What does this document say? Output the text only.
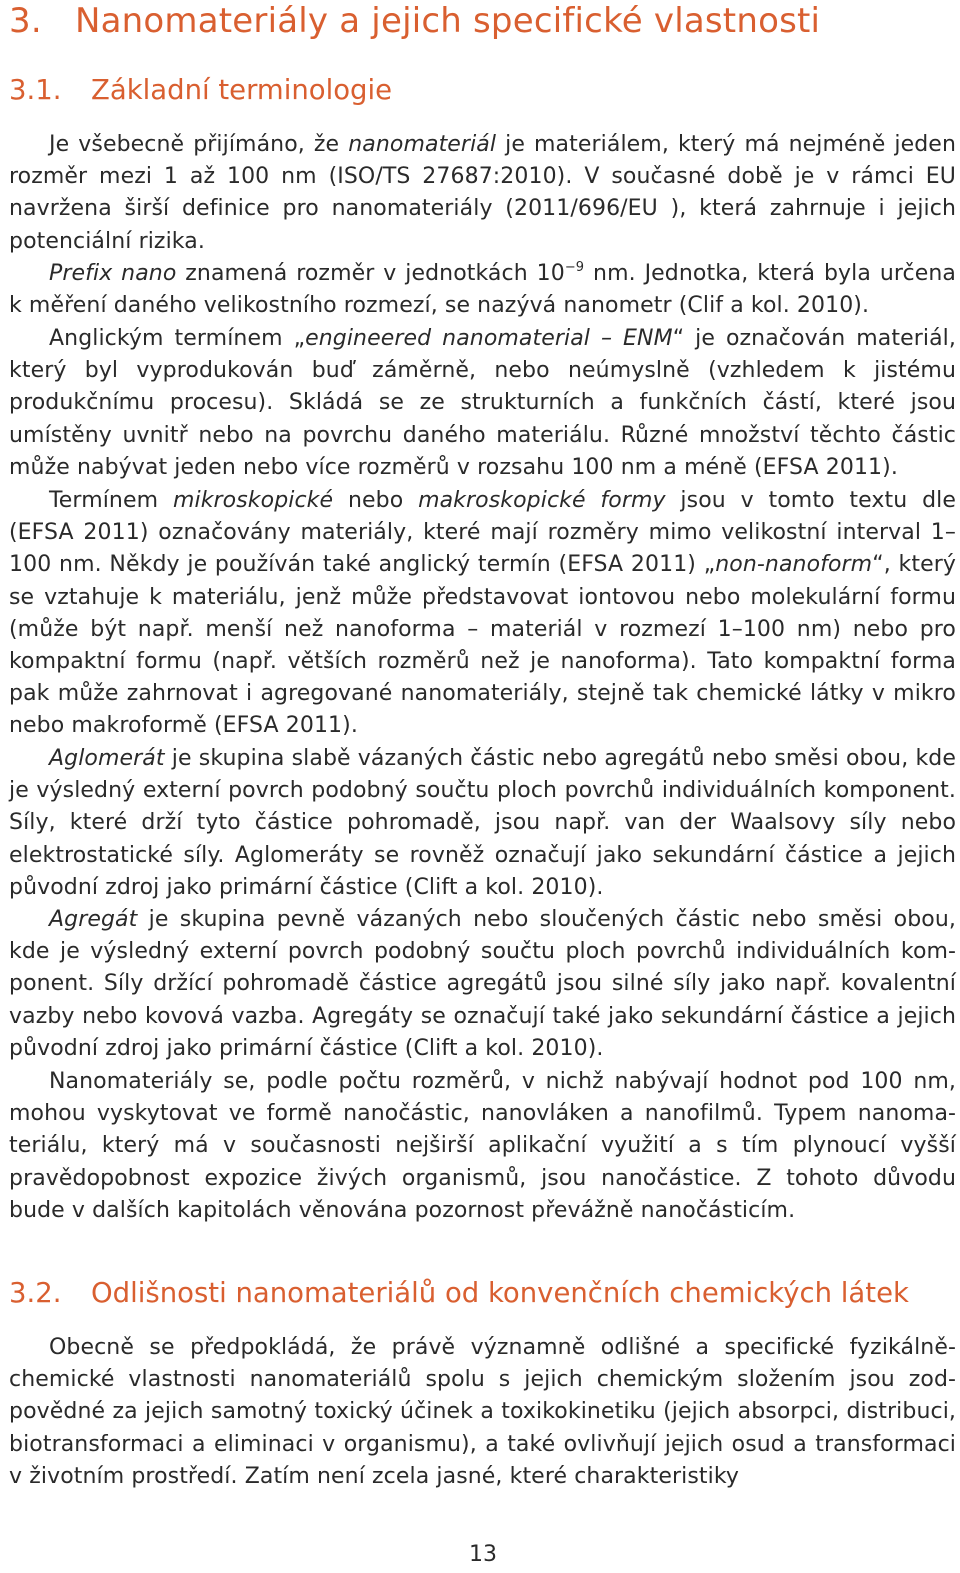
3. Nanomateriály a jejich specifické vlastnosti
3.1. Základní terminologie

Je všebecně přijímáno, že nanomateriál je materiálem, který má nejméně jeden rozměr mezi 1 až 100 nm (ISO/TS 27687:2010). V současné době je v rámci EU navržena širší definice pro nanomateriály (2011/696/EU ), která zahrnuje i jejich potenciální rizika.

Prefix nano znamená rozměr v jednotkách $10^{-9}$ nm. Jednotka, která byla určena k měření daného velikostního rozmezí, se nazývá nanometr (Clif a kol. 2010).

Anglickým termínem „engineered nanomaterial – ENM“ je označován materiál, který byl vyprodukován buď záměrně, nebo neúmyslně (vzhledem k jistému produkčnímu procesu). Skládá se ze strukturních a funkčních částí, které jsou umístěny uvnitř nebo na povrchu daného materiálu. Různé množství těchto částic může nabývat jeden nebo více rozměrů v rozsahu 100 nm a méně (EFSA 2011).

Termínem mikroskopické nebo makroskopické formy jsou v tomto textu dle (EFSA 2011) označovány materiály, které mají rozměry mimo velikostní interval 1–100 nm. Někdy je používán také anglický termín (EFSA 2011) „non-nanoform“, který se vztahuje k materiálu, jenž může představovat iontovou nebo molekulární formu (může být např. menší než nanoforma – materiál v rozmezí 1–100 nm) nebo pro kompaktní formu (např. větších rozměrů než je nanoforma). Tato kompaktní forma pak může zahrnovat i agregované nanomateriály, stejně tak chemické látky v mikro nebo makroformě (EFSA 2011).

Aglomerát je skupina slabě vázaných částic nebo agregátů nebo směsi obou, kde je výsledný externí povrch podobný součtu ploch povrchů individuálních komponent. Síly, které drží tyto částice pohromadě, jsou např. van der Waalsovy síly nebo elektrostatické síly. Aglomeráty se rovněž označují jako sekundární částice a jejich původní zdroj jako primární částice (Clift a kol. 2010).

Agregát je skupina pevně vázaných nebo sloučených částic nebo směsi obou, kde je výsledný externí povrch podobný součtu ploch povrchů individuálních komponent. Síly držící pohromadě částice agregátů jsou silné síly jako např. kovalentní vazby nebo kovová vazba. Agregáty se označují také jako sekundární částice a jejich původní zdroj jako primární částice (Clift a kol. 2010).

Nanomateriály se, podle počtu rozměrů, v nichž nabývají hodnot pod 100 nm, mohou vyskytovat ve formě nanočástic, nanovláken a nanofilmů. Typem nanomateriálu, který má v současnosti nejširší aplikační využití a s tím plynoucí vyšší pravědopobnost expozice živých organismů, jsou nanočástice. Z tohoto důvodu bude v dalších kapitolách věnována pozornost převážně nanočásticím.

3.2. Odlišnosti nanomateriálů od konvenčních chemických látek

Obecně se předpokládá, že právě významně odlišné a specifické fyzikálně-chemické vlastnosti nanomateriálů spolu s jejich chemickým složením jsou zodpovědné za jejich samotný toxický účinek a toxikokinetiku (jejich absorpci, distribuci, biotransformaci a eliminaci v organismu), a také ovlivňují jejich osud a transformaci v životním prostředí. Zatím není zcela jasné, které charakteristiky

13
